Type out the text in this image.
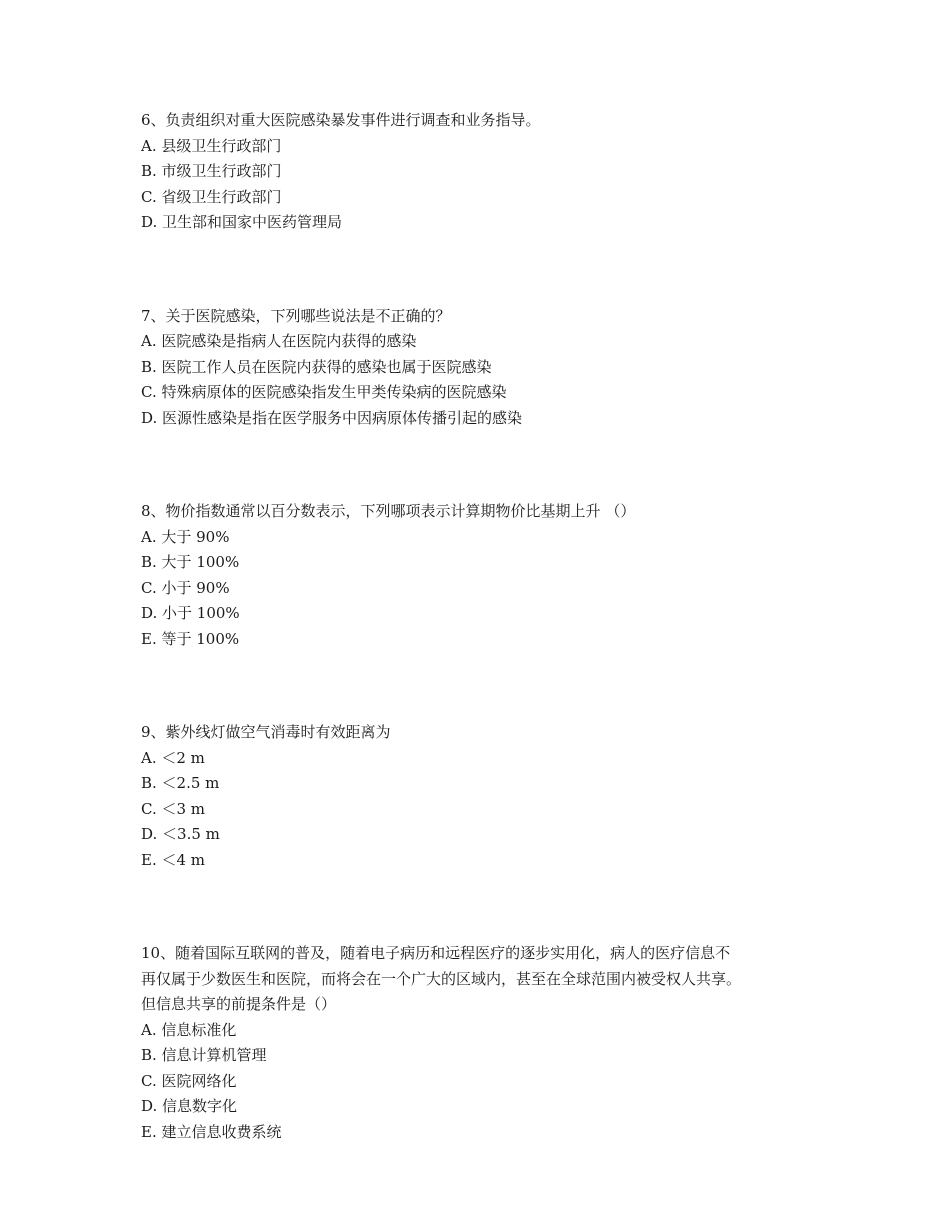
6、负责组织对重大医院感染暴发事件进行调查和业务指导。
A. 县级卫生行政部门
B. 市级卫生行政部门
C. 省级卫生行政部门
D. 卫生部和国家中医药管理局
7、关于医院感染，下列哪些说法是不正确的？
A. 医院感染是指病人在医院内获得的感染
B. 医院工作人员在医院内获得的感染也属于医院感染
C. 特殊病原体的医院感染指发生甲类传染病的医院感染
D. 医源性感染是指在医学服务中因病原体传播引起的感染
8、物价指数通常以百分数表示，下列哪项表示计算期物价比基期上升 （）
A. 大于 90%
B. 大于 100%
C. 小于 90%
D. 小于 100%
E. 等于 100%
9、紫外线灯做空气消毒时有效距离为
A. ＜2 m
B. ＜2.5 m
C. ＜3 m
D. ＜3.5 m
E. ＜4 m
10、随着国际互联网的普及，随着电子病历和远程医疗的逐步实用化，病人的医疗信息不
再仅属于少数医生和医院，而将会在一个广大的区域内，甚至在全球范围内被受权人共享。
但信息共享的前提条件是（）
A. 信息标准化
B. 信息计算机管理
C. 医院网络化
D. 信息数字化
E. 建立信息收费系统
